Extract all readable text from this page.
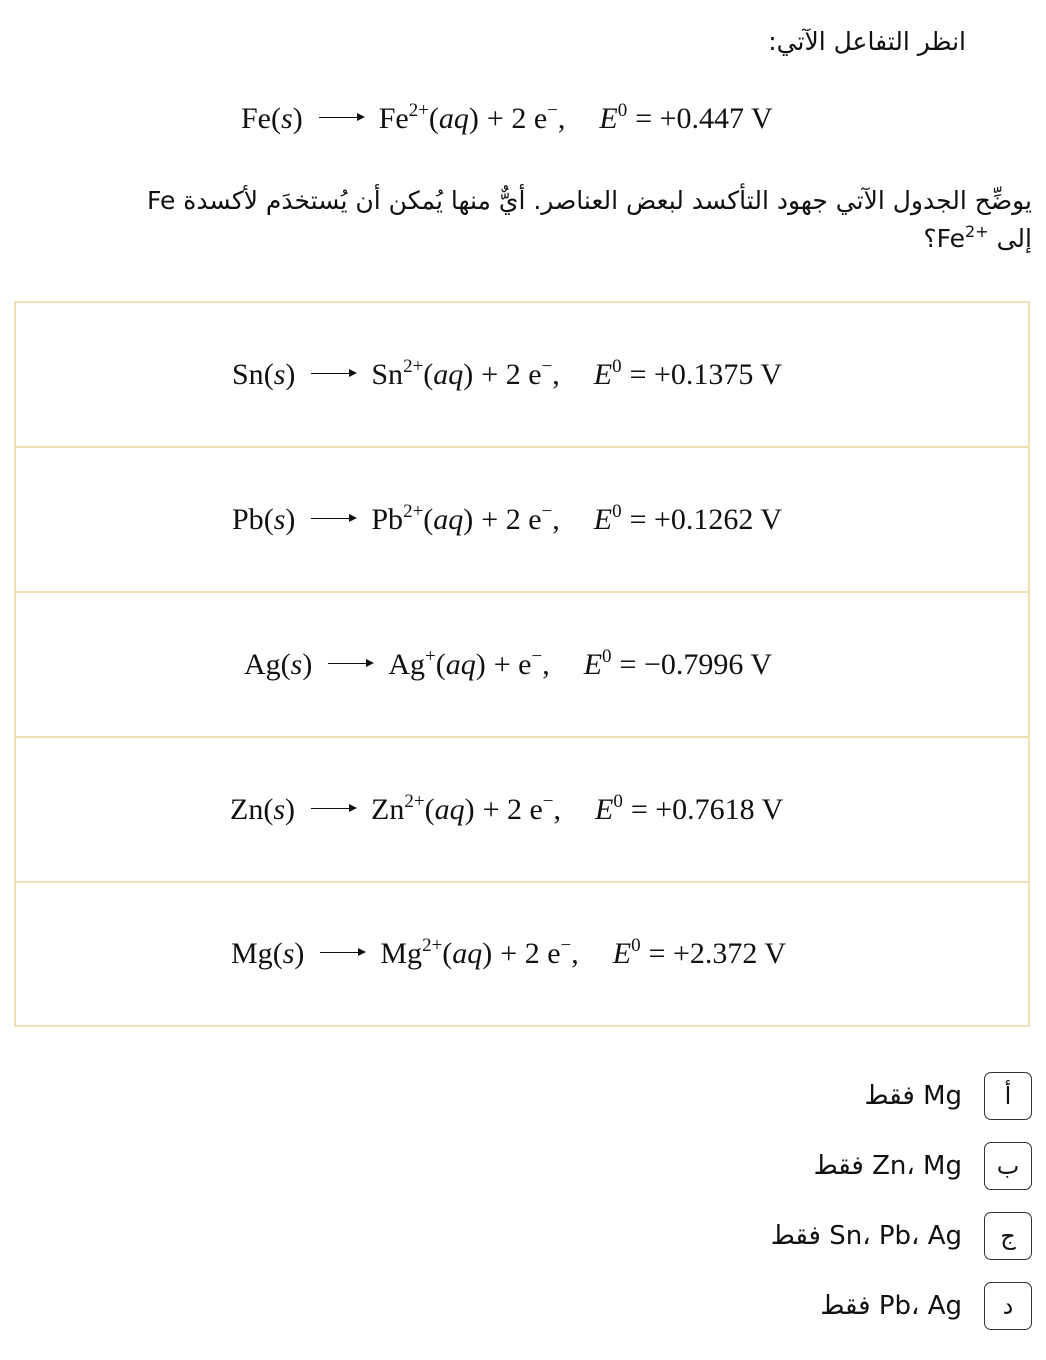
انظر التفاعل الآتي:
Fe ( s ) → $Fe^{2+}$ ( aq ) + 2 e− , $E^0 = +0.447$ V
يوضِّح الجدول الآتي جهود التأكسد لبعض العناصر. أيٌّ منها يُمكن أن يُستخدَم لأكسدة Fe
إلى $Fe^{2+}؟$
Sn ( s )	$Sn^{2+}$ ( aq ) + 2 e− , $E^0 = +0.1375$ V
Pb ( s )	$Pb^{2+}$ ( aq ) + 2 e− , $E^0 = +0.1262$ V
Ag ( s )	Ag+ ( aq ) + e− , $E^0 = -0.7996$ V
Zn ( s )	$Zn^{2+}$ ( aq ) + 2 e− , $E^0 = +0.7618$ V
Mg ( s )	$Mg^{2+}$ ( aq ) + 2 e− , $E^0 = +2.372$ V
أ
Mg فقط
ب
Zn، Mg فقط
ج
Sn، Pb، Ag فقط
د
Pb، Ag فقط
